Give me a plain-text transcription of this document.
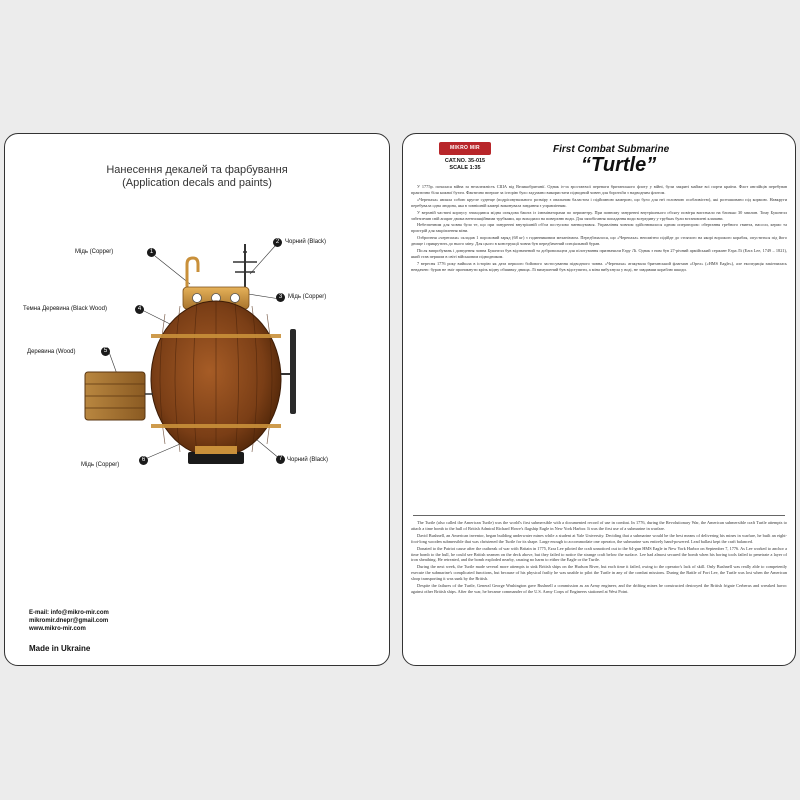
Нанесення декалей та фарбування
(Application decals and paints)
Мідь (Copper)	1
Чорний (Black)
2
Мідь (Copper)
3
Темна Деревина (Black Wood)	4
Деревина (Wood)	5
Мідь (Copper)
6	Чорний (Black)
7
E-mail: info@mikro-mir.com
mikromir.dnepr@gmail.com
www.mikro-mir.com
Made in Ukraine
MIKRO MIR
CAT.NO. 35-015
SCALE 1:35
First Combat Submarine
“Turtle”

У 1775р. почалася війна за незалежність США від Великобританії. Однак із-за зростаючої переваги британського флоту у війні, були закриті майже всі порти країни. Флот англійців перебував практично біля кожної бухти. Фактично вперше за історію було задумано використати підводний човен для боротьби з надводним флотом.

«Черепаха» являла собою кругле суденце (подрісовувального розміру з овальним баластом і підйомною камерою, що було для неї головною особливістю), які розташовано під кормою. Навкруги перебувала одна людина, яка в зовнішній камері виконувала завдання з управлінням.

У верхній частині корпусу знаходився мідна оглядова башта із ілюмінаторами по периметру. При повному зануренні внутрішнього обсягу повітря вистачало на близько 30 хвилин. Тому Бушнелл забезпечив свій апарат двома вентиляційними трубками, що виходили на поверхню води. Для запобігання попадання води всередину у трубках були встановлені клапани.

Небезпечним для човна було те, що при зануренні внутрішній об'єм поступово зменшувався. Управління човном здійснювалося одним оператором: обертання гребного гвинта, насоси, кермо та пристрій для закріплення міни.

Озброєння «черепахи» складав 1 пороховий заряд (68 кг) з годинниковим механізмом. Передбачалося, що «Черепаха» непомітно підійде до стоячого на якорі ворожого корабля, опуститься під його днище і прикрутить до нього міну. Для цього в конструкції човна був передбачений спеціальний бурав.

Після випробувань і доведення човна Бушнелл був відзначений та добровольцем для пілотування призначили Езру Лі. Однак з ним був 27-річний армійський сержант Езра Лі (Ezra Lee, 1749 – 1821), який став першим в світі військовим підводником.

7 вересня 1776 року вийшла в історію як дата першого бойового застосування підводного човна. «Черепаха» атакувала британський флагман «Орел» («HMS Eagle»), але експедиція закінчилась невдачею: бурав не зміг проникнути крізь мідну обшивку днища. Лі вимушений був відступити, а міна вибухнула у воді, не завдавши кораблю шкоди.

The Turtle (also called the American Turtle) was the world's first submersible with a documented record of use in combat. In 1776, during the Revolutionary War, the American submersible craft Turtle attempts to attach a time bomb to the hull of British Admiral Richard Howe's flagship Eagle in New York Harbor. It was the first use of a submarine in warfare.

David Bushnell, an American inventor, began building underwater mines while a student at Yale University. Deciding that a submarine would be the best means of delivering his mines in warfare, he built an eight-foot-long wooden submersible that was christened the Turtle for its shape. Large enough to accommodate one operator, the submarine was entirely hand-powered. Lead ballast kept the craft balanced.

Donated to the Patriot cause after the outbreak of war with Britain in 1775, Ezra Lee piloted the craft unnoticed out to the 64-gun HMS Eagle in New York Harbor on September 7, 1776. As Lee worked to anchor a time bomb to the hull, he could see British seamen on the deck above, but they failed to notice the strange craft below the surface. Lee had almost secured the bomb when his boring tools failed to penetrate a layer of iron sheathing. He retreated, and the bomb exploded nearby, causing no harm to either the Eagle or the Turtle.

During the next week, the Turtle made several more attempts to sink British ships on the Hudson River, but each time it failed, owing to the operator's lack of skill. Only Bushnell was really able to competently execute the submarine's complicated functions, but because of his physical frailty he was unable to pilot the Turtle in any of the combat missions. During the Battle of Fort Lee, the Turtle was lost when the American sloop transporting it was sunk by the British.

Despite the failures of the Turtle, General George Washington gave Bushnell a commission as an Army engineer, and the drifting mines he constructed destroyed the British frigate Cerberus and wreaked havoc against other British ships. After the war, he became commander of the U.S. Army Corps of Engineers stationed at West Point.
